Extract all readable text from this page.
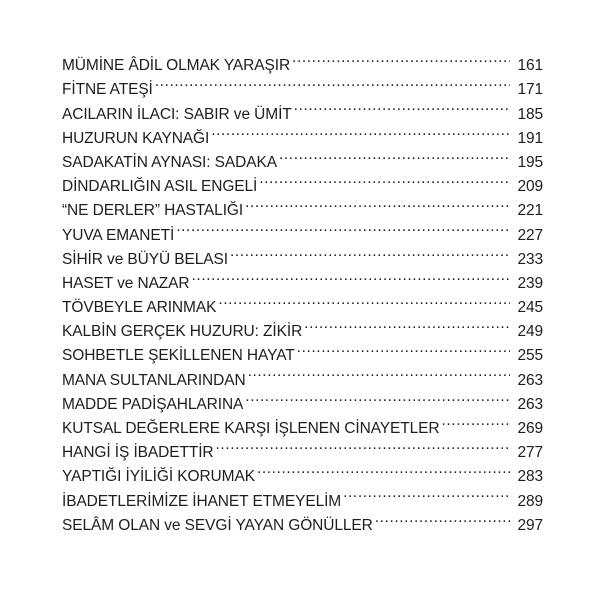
MÜMİNE ÂDİL OLMAK YARAŞIR .....	161
FİTNE ATEŞİ .....	171
ACILARIN İLACI: SABIR ve ÜMİT .....	185
HUZURUN KAYNAĞI .....	191
SADAKATİN AYNASI: SADAKA .....	195
DİNDARLIĞIN ASIL ENGELİ .....	209
“NE DERLER” HASTALIĞI .....	221
YUVA EMANETİ .....	227
SİHİR ve BÜYÜ BELASI .....	233
HASET ve NAZAR .....	239
TÖVBEYLE ARINMAK .....	245
KALBİN GERÇEK HUZURU: ZİKİR .....	249
SOHBETLE ŞEKİLLENEN HAYAT .....	255
MANA SULTANLARINDAN .....	263
MADDE PADİŞAHLARINA .....	263
KUTSAL DEĞERLERE KARŞI İŞLENEN CİNAYETLER .....	269
HANGİ İŞ İBADETTİR .....	277
YAPTIĞI İYİLİĞİ KORUMAK .....	283
İBADETLERİMİZE İHANET ETMEYELİM .....	289
SELÂM OLAN ve SEVGİ YAYAN GÖNÜLLER .....	297
